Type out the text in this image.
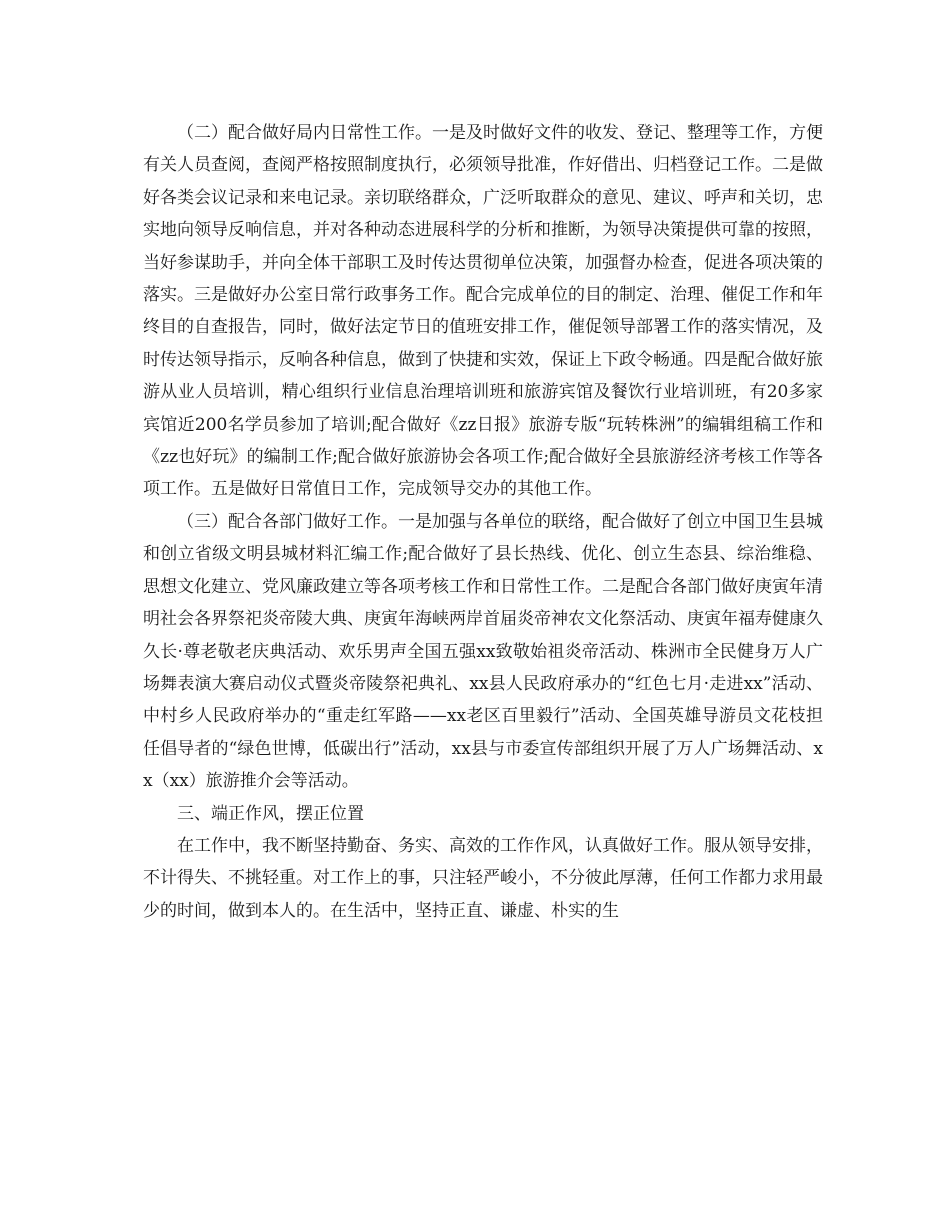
（二）配合做好局内日常性工作。一是及时做好文件的收发、登记、整理等工作，方便有关人员查阅，查阅严格按照制度执行，必须领导批准，作好借出、归档登记工作。二是做好各类会议记录和来电记录。亲切联络群众，广泛听取群众的意见、建议、呼声和关切，忠实地向领导反响信息，并对各种动态进展科学的分析和推断，为领导决策提供可靠的按照，当好参谋助手，并向全体干部职工及时传达贯彻单位决策，加强督办检查，促进各项决策的落实。三是做好办公室日常行政事务工作。配合完成单位的目的制定、治理、催促工作和年终目的自查报告，同时，做好法定节日的值班安排工作，催促领导部署工作的落实情况，及时传达领导指示，反响各种信息，做到了快捷和实效，保证上下政令畅通。四是配合做好旅游从业人员培训，精心组织行业信息治理培训班和旅游宾馆及餐饮行业培训班，有20多家宾馆近200名学员参加了培训;配合做好《zz日报》旅游专版“玩转株洲”的编辑组稿工作和《zz也好玩》的编制工作;配合做好旅游协会各项工作;配合做好全县旅游经济考核工作等各项工作。五是做好日常值日工作，完成领导交办的其他工作。

（三）配合各部门做好工作。一是加强与各单位的联络，配合做好了创立中国卫生县城和创立省级文明县城材料汇编工作;配合做好了县长热线、优化、创立生态县、综治维稳、思想文化建立、党风廉政建立等各项考核工作和日常性工作。二是配合各部门做好庚寅年清明社会各界祭祀炎帝陵大典、庚寅年海峡两岸首届炎帝神农文化祭活动、庚寅年福寿健康久久长·尊老敬老庆典活动、欢乐男声全国五强xx致敬始祖炎帝活动、株洲市全民健身万人广场舞表演大赛启动仪式暨炎帝陵祭祀典礼、xx县人民政府承办的“红色七月·走进xx”活动、中村乡人民政府举办的“重走红军路——xx老区百里毅行”活动、全国英雄导游员文花枝担任倡导者的“绿色世博，低碳出行”活动，xx县与市委宣传部组织开展了万人广场舞活动、xx（xx）旅游推介会等活动。

三、端正作风，摆正位置

在工作中，我不断坚持勤奋、务实、高效的工作作风，认真做好工作。服从领导安排，不计得失、不挑轻重。对工作上的事，只注轻严峻小，不分彼此厚薄，任何工作都力求用最少的时间，做到本人的。在生活中，坚持正直、谦虚、朴实的生
